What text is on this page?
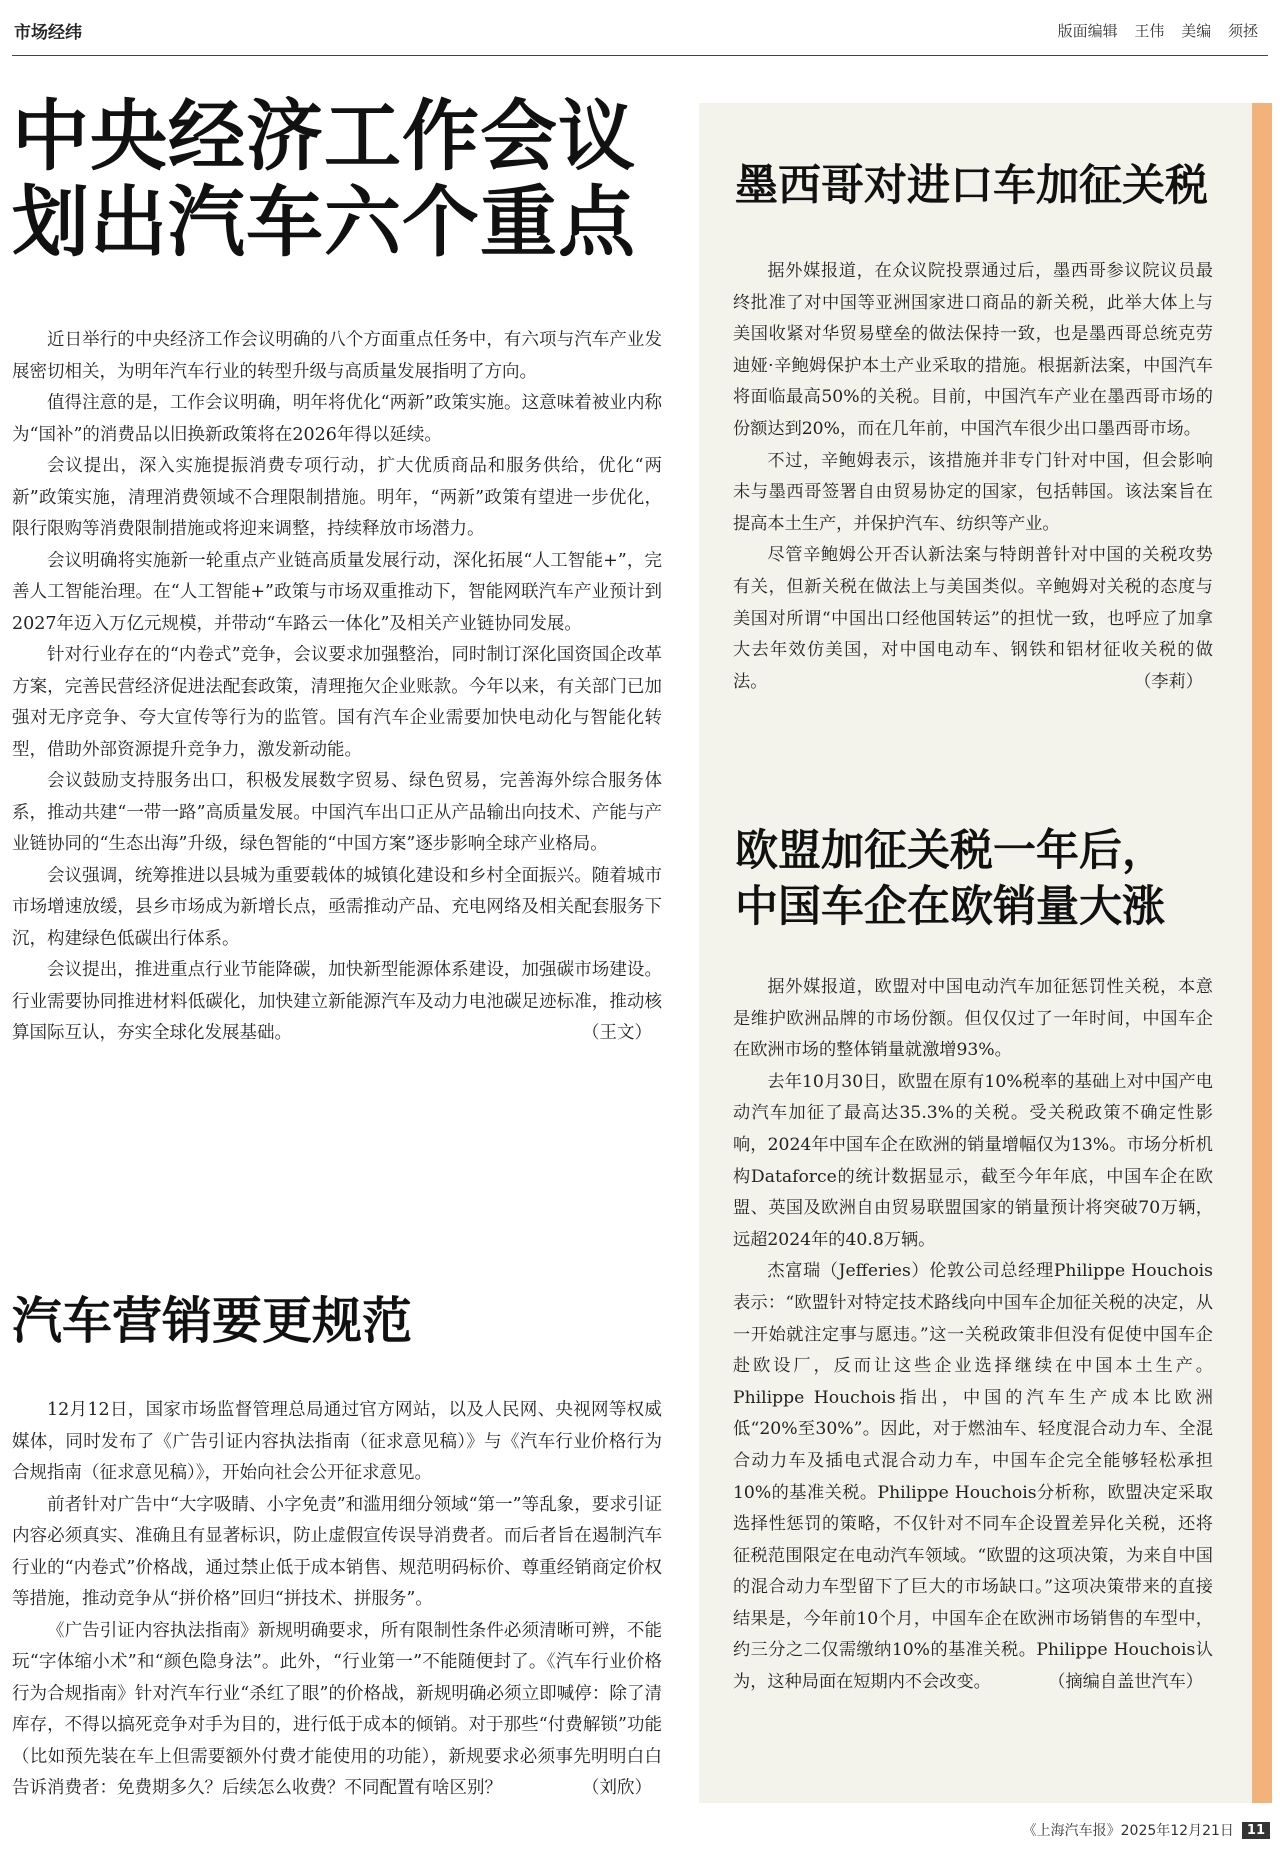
市场经纬	版面编辑 王伟 美编 须拯
中央经济工作会议
划出汽车六个重点

近日举行的中央经济工作会议明确的八个方面重点任务中，有六项与汽车产业发展密切相关，为明年汽车行业的转型升级与高质量发展指明了方向。

值得注意的是，工作会议明确，明年将优化“两新”政策实施。这意味着被业内称为“国补”的消费品以旧换新政策将在2026年得以延续。

会议提出，深入实施提振消费专项行动，扩大优质商品和服务供给，优化“两新”政策实施，清理消费领域不合理限制措施。明年，“两新”政策有望进一步优化，限行限购等消费限制措施或将迎来调整，持续释放市场潜力。

会议明确将实施新一轮重点产业链高质量发展行动，深化拓展“人工智能+”，完善人工智能治理。在“人工智能+”政策与市场双重推动下，智能网联汽车产业预计到2027年迈入万亿元规模，并带动“车路云一体化”及相关产业链协同发展。

针对行业存在的“内卷式”竞争，会议要求加强整治，同时制订深化国资国企改革方案，完善民营经济促进法配套政策，清理拖欠企业账款。今年以来，有关部门已加强对无序竞争、夸大宣传等行为的监管。国有汽车企业需要加快电动化与智能化转型，借助外部资源提升竞争力，激发新动能。

会议鼓励支持服务出口，积极发展数字贸易、绿色贸易，完善海外综合服务体系，推动共建“一带一路”高质量发展。中国汽车出口正从产品输出向技术、产能与产业链协同的“生态出海”升级，绿色智能的“中国方案”逐步影响全球产业格局。

会议强调，统筹推进以县城为重要载体的城镇化建设和乡村全面振兴。随着城市市场增速放缓，县乡市场成为新增长点，亟需推动产品、充电网络及相关配套服务下沉，构建绿色低碳出行体系。

会议提出，推进重点行业节能降碳，加快新型能源体系建设，加强碳市场建设。行业需要协同推进材料低碳化，加快建立新能源汽车及动力电池碳足迹标准，推动核算国际互认，夯实全球化发展基础。	（王文）

汽车营销要更规范

12月12日，国家市场监督管理总局通过官方网站，以及人民网、央视网等权威媒体，同时发布了《广告引证内容执法指南（征求意见稿）》与《汽车行业价格行为合规指南（征求意见稿）》，开始向社会公开征求意见。

前者针对广告中“大字吸睛、小字免责”和滥用细分领域“第一”等乱象，要求引证内容必须真实、准确且有显著标识，防止虚假宣传误导消费者。而后者旨在遏制汽车行业的“内卷式”价格战，通过禁止低于成本销售、规范明码标价、尊重经销商定价权等措施，推动竞争从“拼价格”回归“拼技术、拼服务”。

《广告引证内容执法指南》新规明确要求，所有限制性条件必须清晰可辨，不能玩“字体缩小术”和“颜色隐身法”。此外，“行业第一”不能随便封了。《汽车行业价格行为合规指南》针对汽车行业“杀红了眼”的价格战，新规明确必须立即喊停：除了清库存，不得以搞死竞争对手为目的，进行低于成本的倾销。对于那些“付费解锁”功能（比如预先装在车上但需要额外付费才能使用的功能），新规要求必须事先明明白白告诉消费者：免费期多久？后续怎么收费？不同配置有啥区别？	（刘欣）

墨西哥对进口车加征关税

据外媒报道，在众议院投票通过后，墨西哥参议院议员最终批准了对中国等亚洲国家进口商品的新关税，此举大体上与美国收紧对华贸易壁垒的做法保持一致，也是墨西哥总统克劳迪娅·辛鲍姆保护本土产业采取的措施。根据新法案，中国汽车将面临最高50%的关税。目前，中国汽车产业在墨西哥市场的份额达到20%，而在几年前，中国汽车很少出口墨西哥市场。

不过，辛鲍姆表示，该措施并非专门针对中国，但会影响未与墨西哥签署自由贸易协定的国家，包括韩国。该法案旨在提高本土生产，并保护汽车、纺织等产业。

尽管辛鲍姆公开否认新法案与特朗普针对中国的关税攻势有关，但新关税在做法上与美国类似。辛鲍姆对关税的态度与美国对所谓“中国出口经他国转运”的担忧一致，也呼应了加拿大去年效仿美国，对中国电动车、钢铁和铝材征收关税的做法。	（李莉）

欧盟加征关税一年后，
中国车企在欧销量大涨

据外媒报道，欧盟对中国电动汽车加征惩罚性关税，本意是维护欧洲品牌的市场份额。但仅仅过了一年时间，中国车企在欧洲市场的整体销量就激增93%。

去年10月30日，欧盟在原有10%税率的基础上对中国产电动汽车加征了最高达35.3%的关税。受关税政策不确定性影响，2024年中国车企在欧洲的销量增幅仅为13%。市场分析机构Dataforce的统计数据显示，截至今年年底，中国车企在欧盟、英国及欧洲自由贸易联盟国家的销量预计将突破70万辆，远超2024年的40.8万辆。

杰富瑞（Jefferies）伦敦公司总经理Philippe Houchois表示：“欧盟针对特定技术路线向中国车企加征关税的决定，从一开始就注定事与愿违。”这一关税政策非但没有促使中国车企赴欧设厂，反而让这些企业选择继续在中国本土生产。Philippe Houchois指出，中国的汽车生产成本比欧洲低“20%至30%”。因此，对于燃油车、轻度混合动力车、全混合动力车及插电式混合动力车，中国车企完全能够轻松承担10%的基准关税。Philippe Houchois分析称，欧盟决定采取选择性惩罚的策略，不仅针对不同车企设置差异化关税，还将征税范围限定在电动汽车领域。“欧盟的这项决策，为来自中国的混合动力车型留下了巨大的市场缺口。”这项决策带来的直接结果是，今年前10个月，中国车企在欧洲市场销售的车型中，约三分之二仅需缴纳10%的基准关税。Philippe Houchois认为，这种局面在短期内不会改变。	（摘编自盖世汽车）

《上海汽车报》2025年12月21日	11
